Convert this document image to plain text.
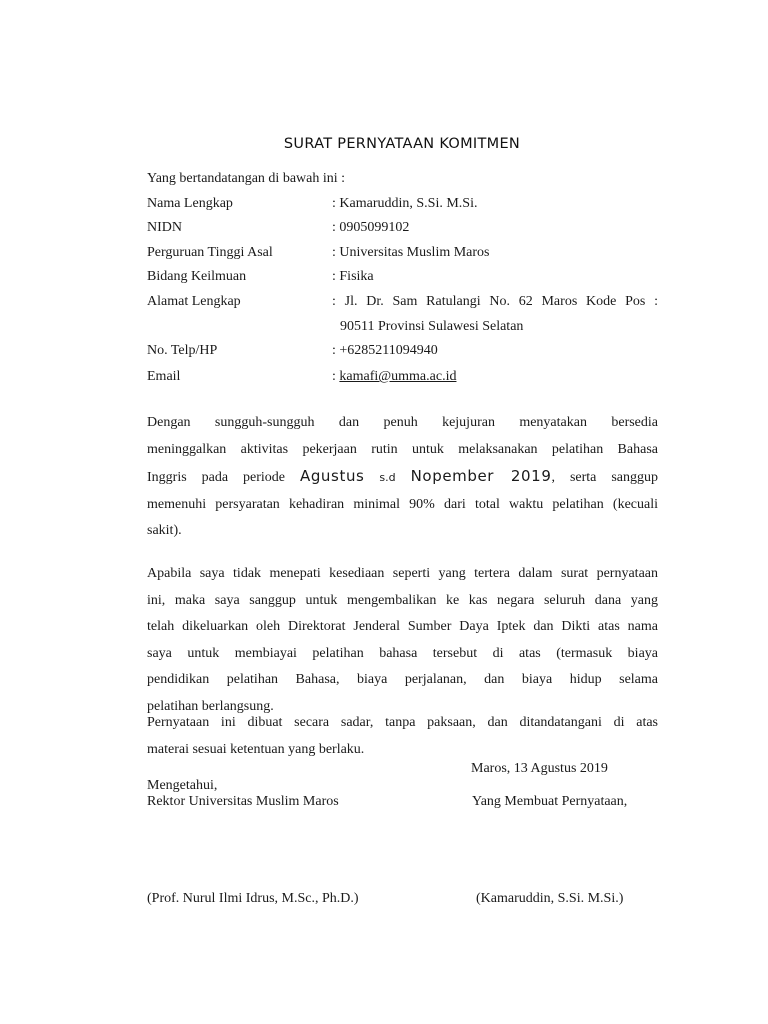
SURAT PERNYATAAN KOMITMEN
Yang bertandatangan di bawah ini :
Nama Lengkap	: Kamaruddin, S.Si. M.Si.
NIDN	: 0905099102
Perguruan Tinggi Asal	: Universitas Muslim Maros
Bidang Keilmuan	: Fisika
Alamat Lengkap	: Jl. Dr. Sam Ratulangi No. 62 Maros Kode Pos :
90511 Provinsi Sulawesi Selatan
No. Telp/HP	: +6285211094940
Email	: kamafi@umma.ac.id
Dengan sungguh-sungguh dan penuh kejujuran menyatakan bersedia
meninggalkan aktivitas pekerjaan rutin untuk melaksanakan pelatihan Bahasa
Inggris pada periode Agustus s.d Nopember 2019, serta sanggup
memenuhi persyaratan kehadiran minimal 90% dari total waktu pelatihan (kecuali
sakit).
Apabila saya tidak menepati kesediaan seperti yang tertera dalam surat pernyataan
ini, maka saya sanggup untuk mengembalikan ke kas negara seluruh dana yang
telah dikeluarkan oleh Direktorat Jenderal Sumber Daya Iptek dan Dikti atas nama
saya untuk membiayai pelatihan bahasa tersebut di atas (termasuk biaya
pendidikan pelatihan Bahasa, biaya perjalanan, dan biaya hidup selama
pelatihan berlangsung.
Pernyataan ini dibuat secara sadar, tanpa paksaan, dan ditandatangani di atas
materai sesuai ketentuan yang berlaku.
Maros, 13 Agustus 2019
Mengetahui,
Rektor Universitas Muslim Maros	Yang Membuat Pernyataan,
(Prof. Nurul Ilmi Idrus, M.Sc., Ph.D.)	(Kamaruddin, S.Si. M.Si.)
